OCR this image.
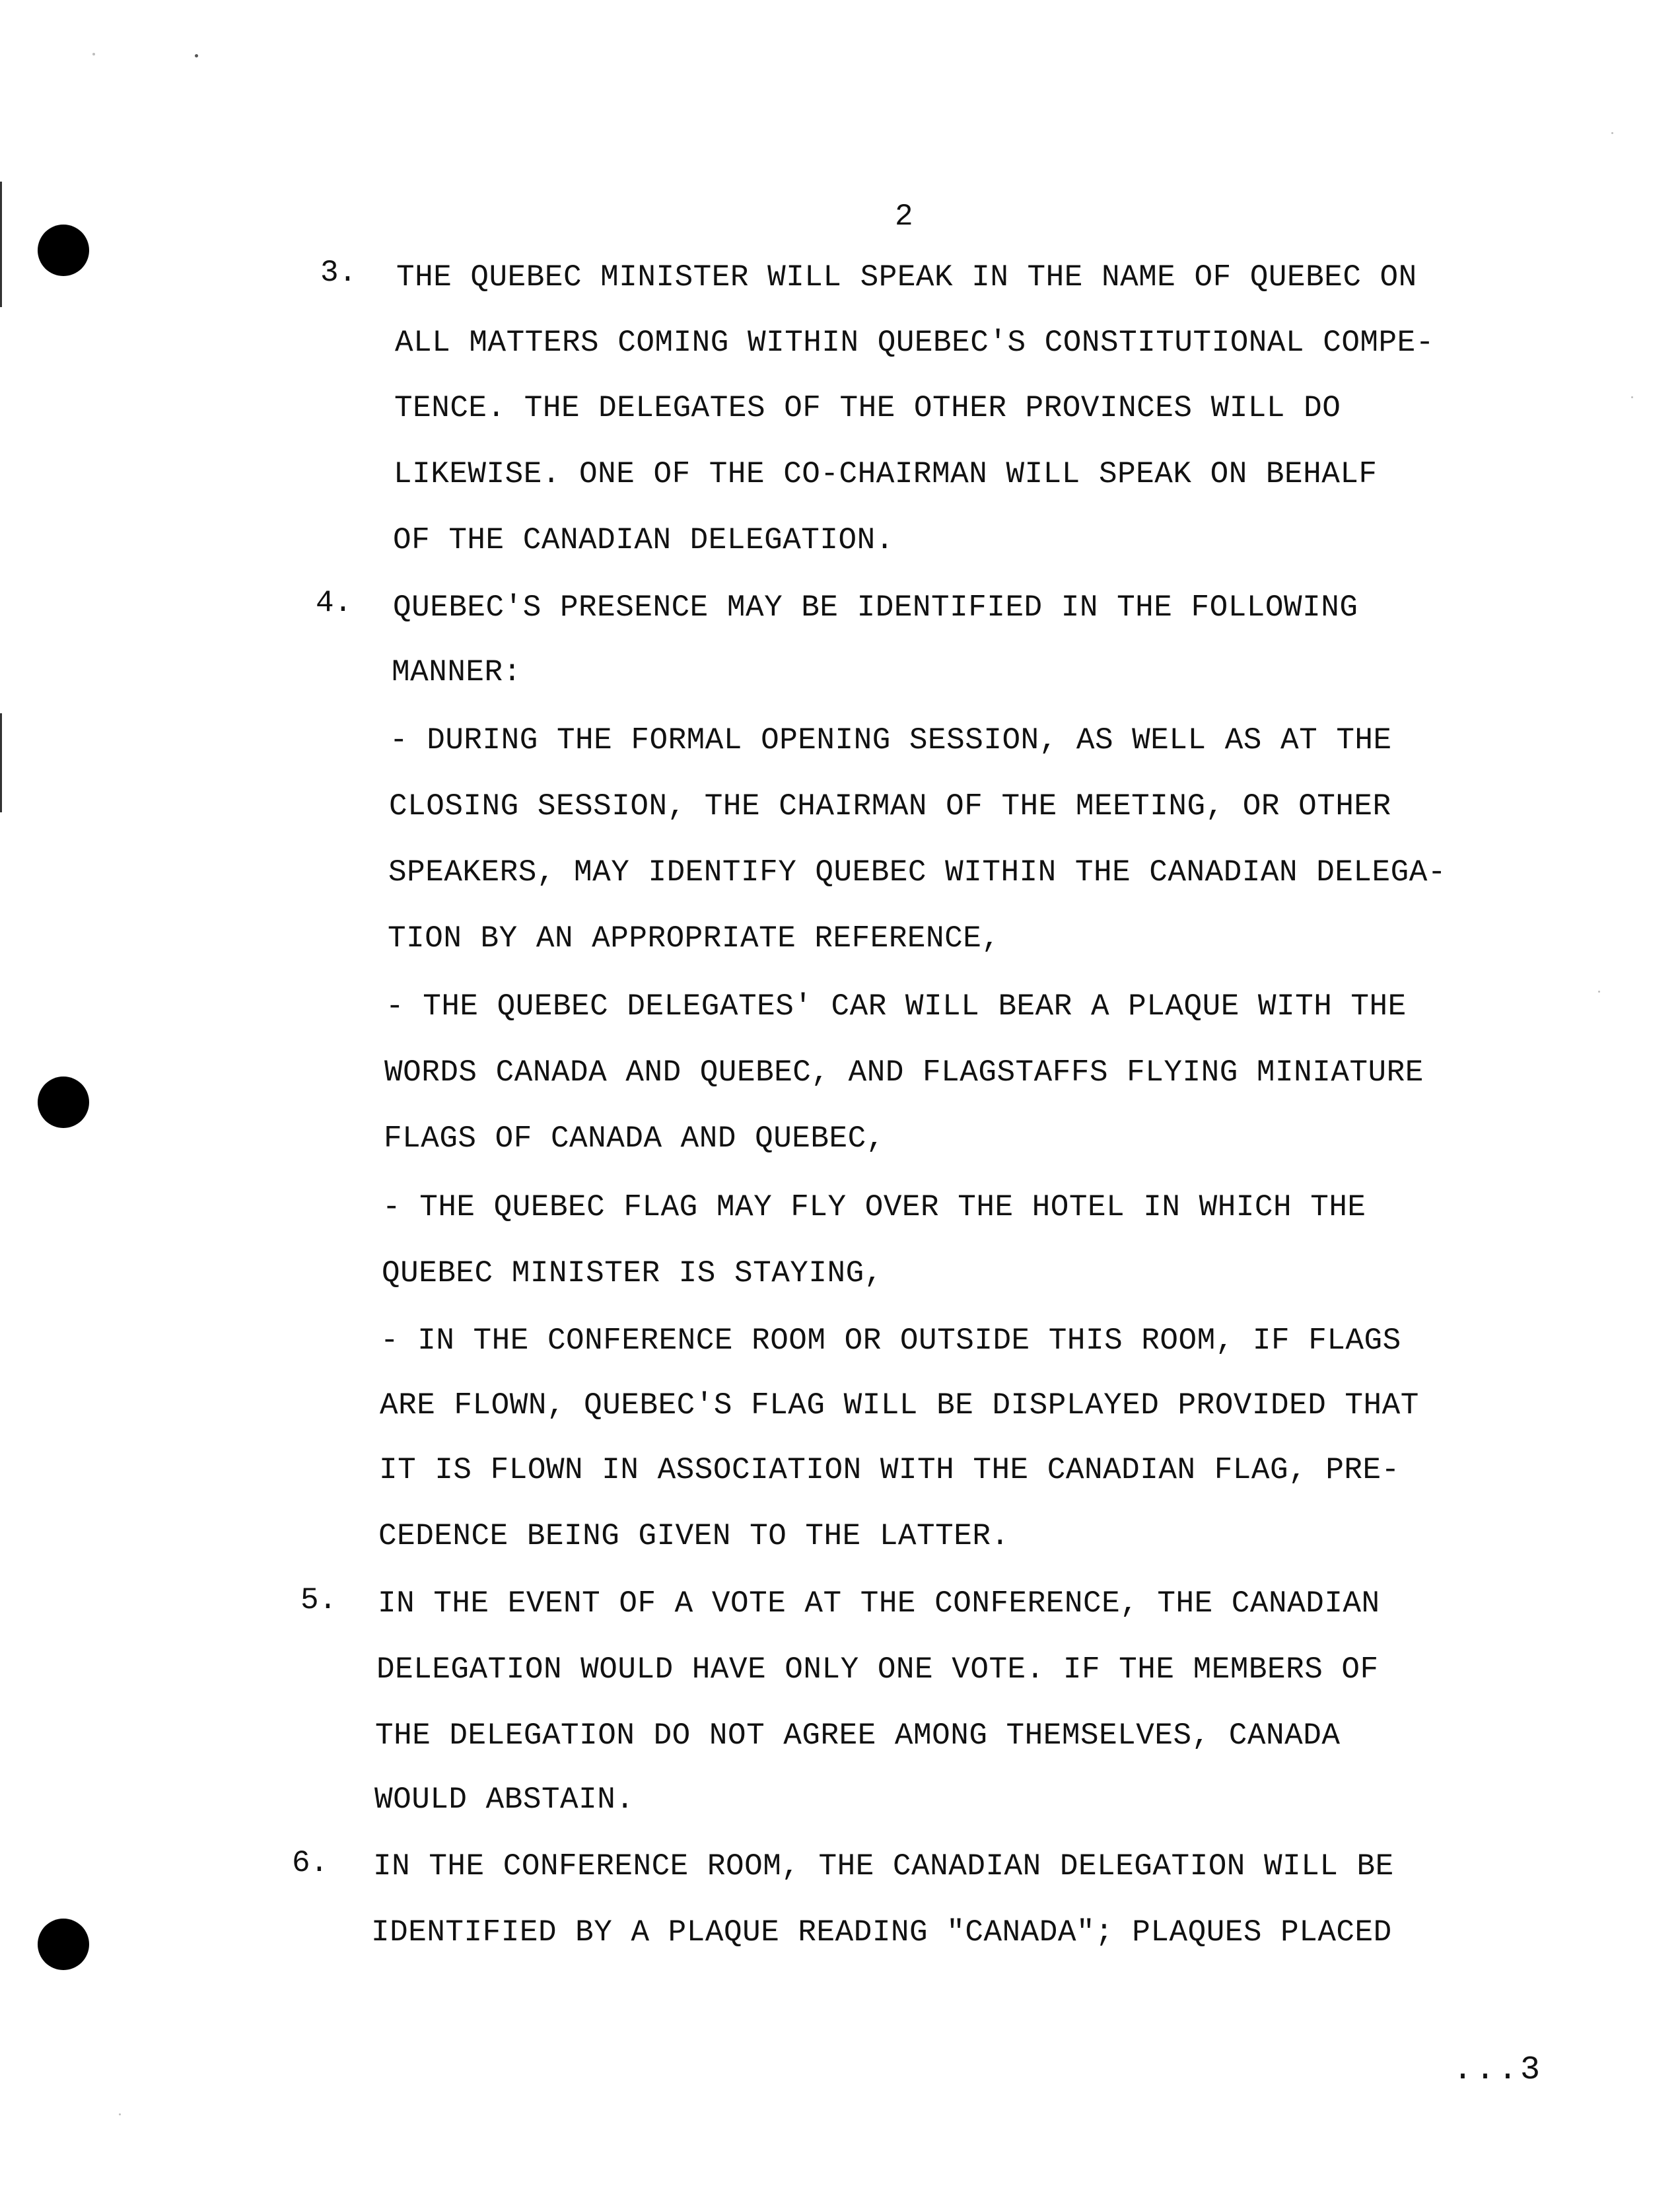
2
3. THE QUEBEC MINISTER WILL SPEAK IN THE NAME OF QUEBEC ON
ALL MATTERS COMING WITHIN QUEBEC'S CONSTITUTIONAL COMPE-
TENCE. THE DELEGATES OF THE OTHER PROVINCES WILL DO
LIKEWISE. ONE OF THE CO-CHAIRMAN WILL SPEAK ON BEHALF
OF THE CANADIAN DELEGATION.
4. QUEBEC'S PRESENCE MAY BE IDENTIFIED IN THE FOLLOWING
MANNER:
- DURING THE FORMAL OPENING SESSION, AS WELL AS AT THE
CLOSING SESSION, THE CHAIRMAN OF THE MEETING, OR OTHER
SPEAKERS, MAY IDENTIFY QUEBEC WITHIN THE CANADIAN DELEGA-
TION BY AN APPROPRIATE REFERENCE,
- THE QUEBEC DELEGATES' CAR WILL BEAR A PLAQUE WITH THE
WORDS CANADA AND QUEBEC, AND FLAGSTAFFS FLYING MINIATURE
FLAGS OF CANADA AND QUEBEC,
- THE QUEBEC FLAG MAY FLY OVER THE HOTEL IN WHICH THE
QUEBEC MINISTER IS STAYING,
- IN THE CONFERENCE ROOM OR OUTSIDE THIS ROOM, IF FLAGS
ARE FLOWN, QUEBEC'S FLAG WILL BE DISPLAYED PROVIDED THAT
IT IS FLOWN IN ASSOCIATION WITH THE CANADIAN FLAG, PRE-
CEDENCE BEING GIVEN TO THE LATTER.
5. IN THE EVENT OF A VOTE AT THE CONFERENCE, THE CANADIAN
DELEGATION WOULD HAVE ONLY ONE VOTE. IF THE MEMBERS OF
THE DELEGATION DO NOT AGREE AMONG THEMSELVES, CANADA
WOULD ABSTAIN.
6. IN THE CONFERENCE ROOM, THE CANADIAN DELEGATION WILL BE
IDENTIFIED BY A PLAQUE READING "CANADA"; PLAQUES PLACED
...3
